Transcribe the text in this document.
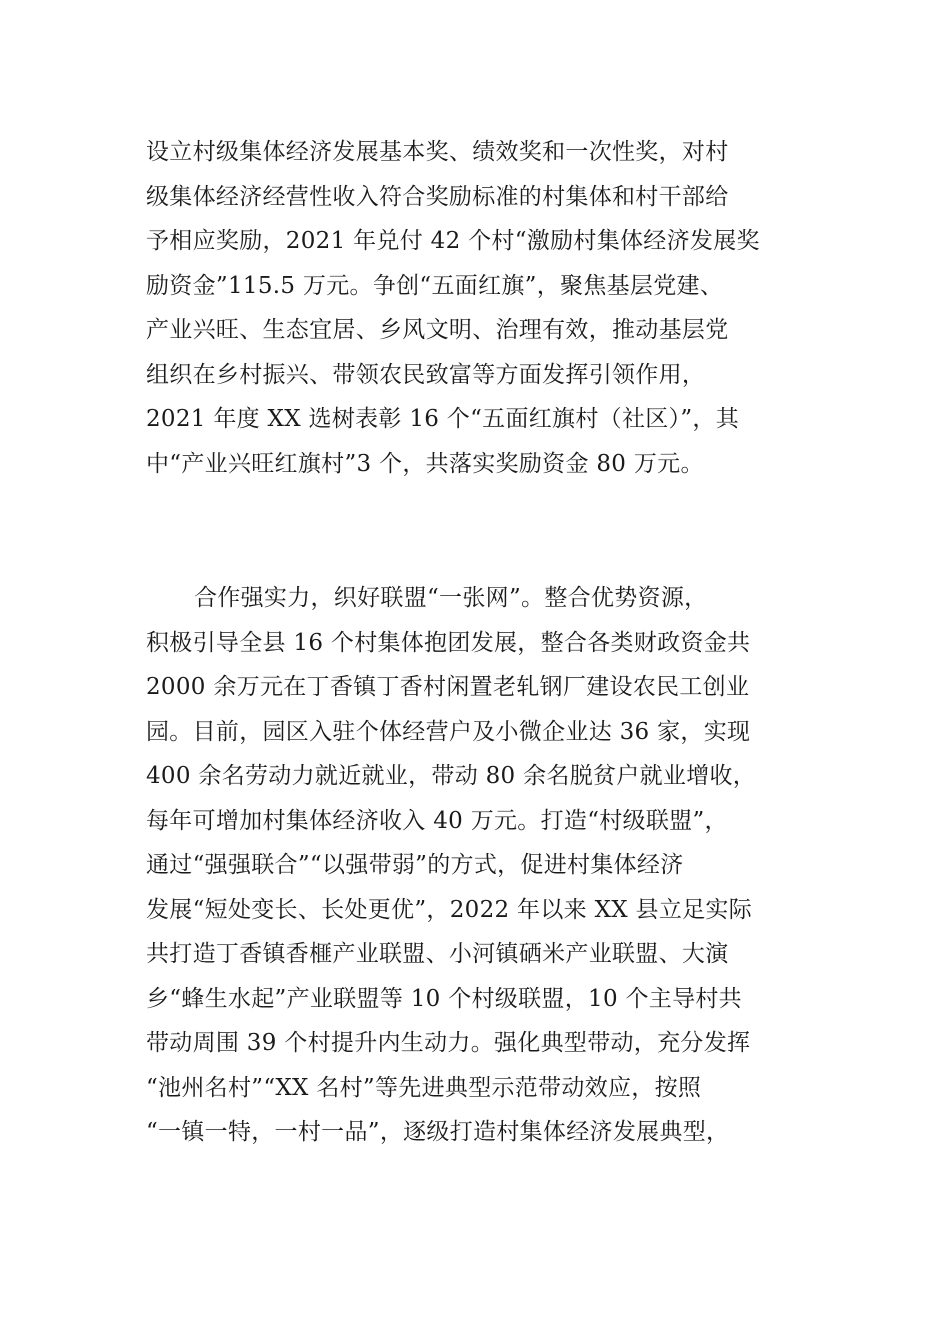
设立村级集体经济发展基本奖、绩效奖和一次性奖，对村
级集体经济经营性收入符合奖励标准的村集体和村干部给
予相应奖励，2021 年兑付 42 个村“激励村集体经济发展奖
励资金”115.5 万元。争创“五面红旗”，聚焦基层党建、
产业兴旺、生态宜居、乡风文明、治理有效，推动基层党
组织在乡村振兴、带领农民致富等方面发挥引领作用，
2021 年度 XX 选树表彰 16 个“五面红旗村（社区）”，其
中“产业兴旺红旗村”3 个，共落实奖励资金 80 万元。

合作强实力，织好联盟“一张网”。整合优势资源，
积极引导全县 16 个村集体抱团发展，整合各类财政资金共
2000 余万元在丁香镇丁香村闲置老轧钢厂建设农民工创业
园。目前，园区入驻个体经营户及小微企业达 36 家，实现
400 余名劳动力就近就业，带动 80 余名脱贫户就业增收，
每年可增加村集体经济收入 40 万元。打造“村级联盟”，
通过“强强联合”“以强带弱”的方式，促进村集体经济
发展“短处变长、长处更优”，2022 年以来 XX 县立足实际
共打造丁香镇香榧产业联盟、小河镇硒米产业联盟、大演
乡“蜂生水起”产业联盟等 10 个村级联盟，10 个主导村共
带动周围 39 个村提升内生动力。强化典型带动，充分发挥
“池州名村”“XX 名村”等先进典型示范带动效应，按照
“一镇一特，一村一品”，逐级打造村集体经济发展典型，
